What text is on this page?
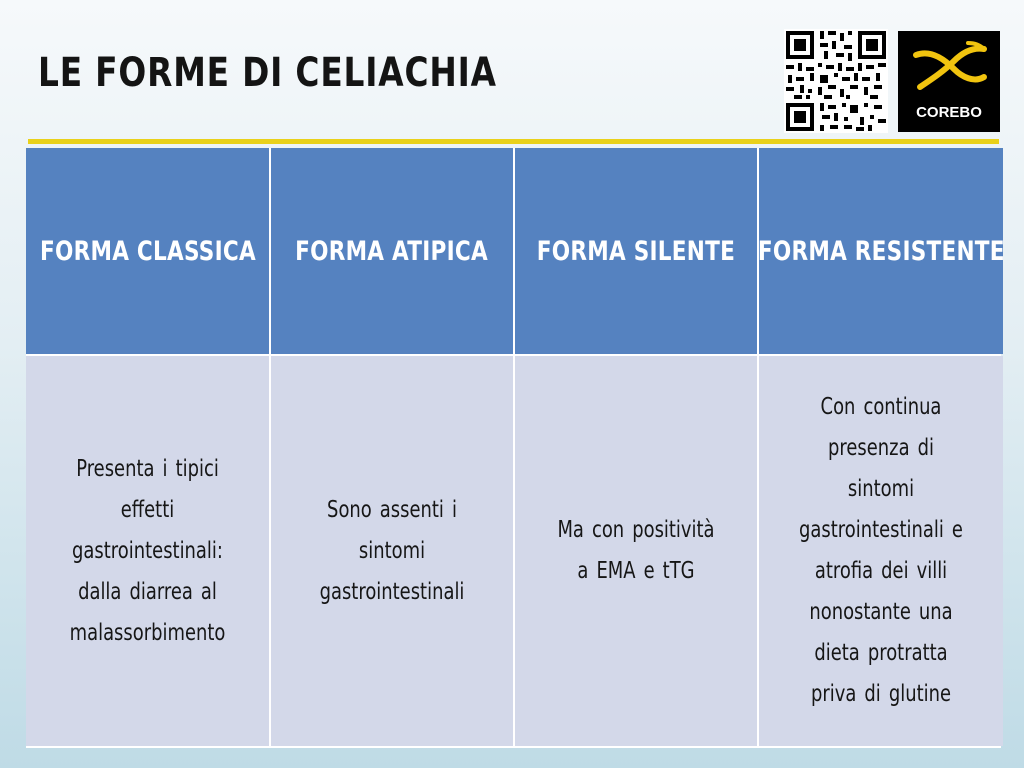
LE FORME DI CELIACHIA
COREBO
FORMA CLASSICA FORMA ATIPICA FORMA SILENTE FORMA RESISTENTE
Presenta i tipici effetti gastrointestinali: dalla diarrea al malassorbimento
Sono assenti i sintomi gastrointestinali
Ma con positività a EMA e tTG
Con continua presenza di sintomi gastrointestinali e atrofia dei villi nonostante una dieta protratta priva di glutine
